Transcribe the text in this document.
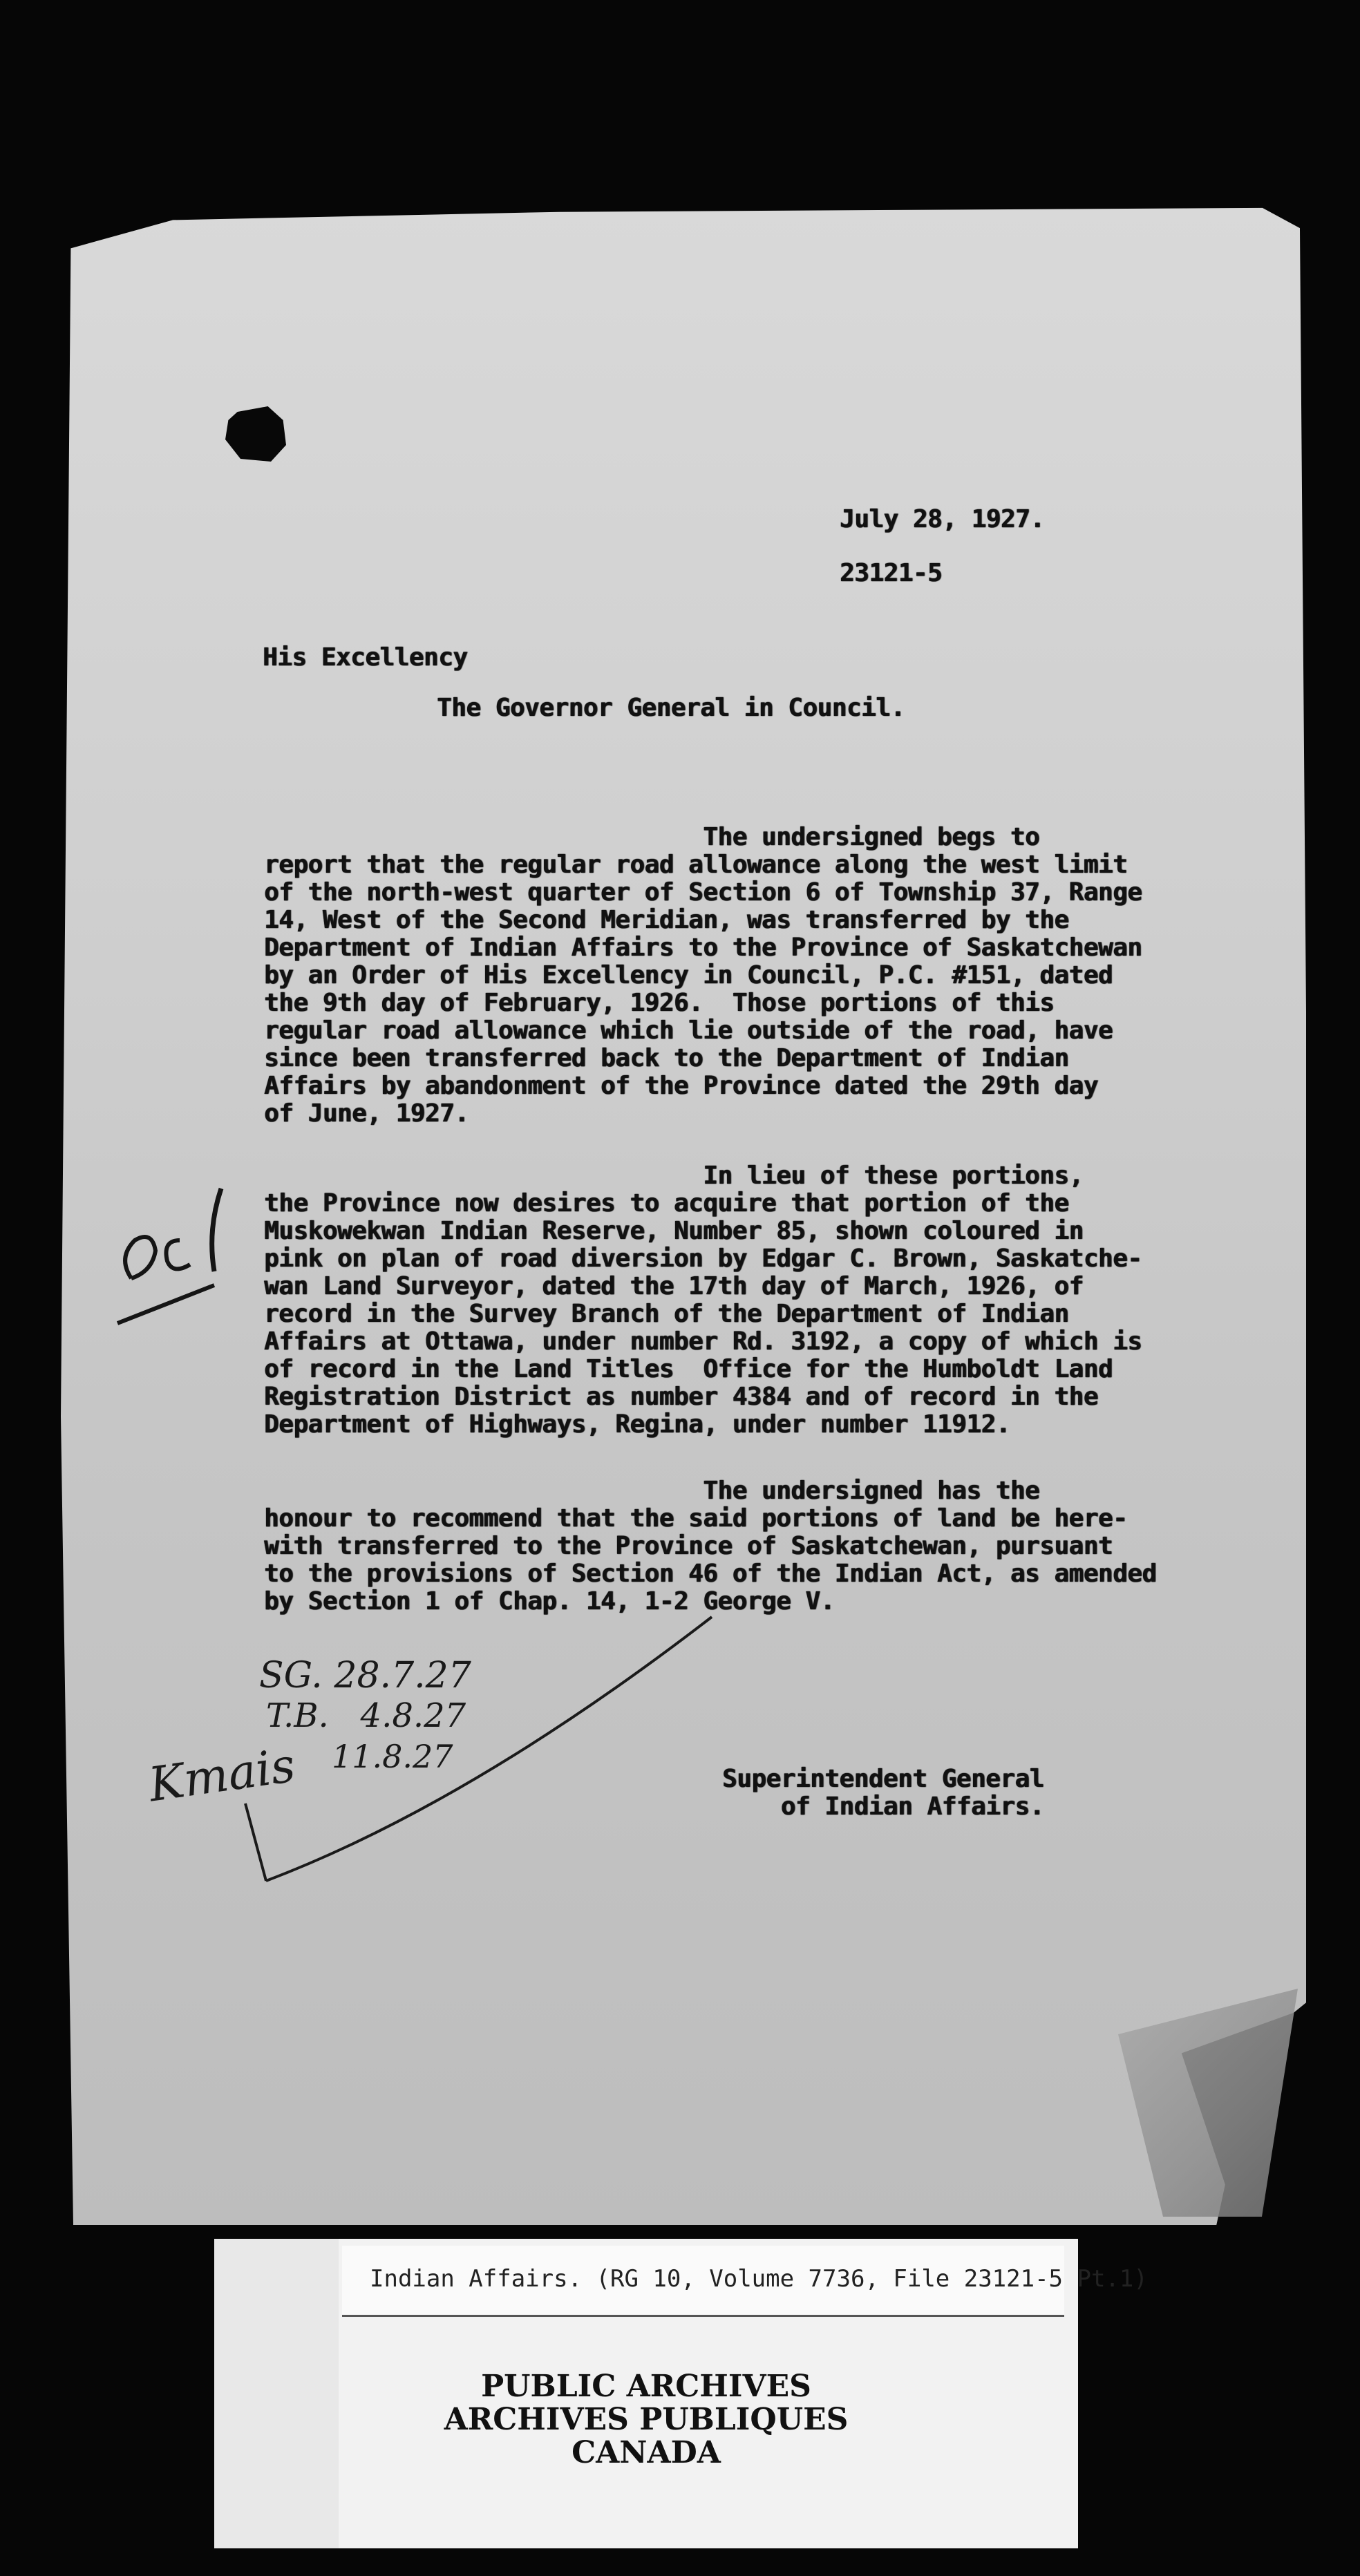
July 28, 1927.
23121-5
His Excellency
The Governor General in Council.
The undersigned begs to
report that the regular road allowance along the west limit
of the north-west quarter of Section 6 of Township 37, Range
14, West of the Second Meridian, was transferred by the
Department of Indian Affairs to the Province of Saskatchewan
by an Order of His Excellency in Council, P.C. #151, dated
the 9th day of February, 1926.  Those portions of this
regular road allowance which lie outside of the road, have
since been transferred back to the Department of Indian
Affairs by abandonment of the Province dated the 29th day
of June, 1927.
In lieu of these portions,
the Province now desires to acquire that portion of the
Muskowekwan Indian Reserve, Number 85, shown coloured in
pink on plan of road diversion by Edgar C. Brown, Saskatche-
wan Land Surveyor, dated the 17th day of March, 1926, of
record in the Survey Branch of the Department of Indian
Affairs at Ottawa, under number Rd. 3192, a copy of which is
of record in the Land Titles  Office for the Humboldt Land
Registration District as number 4384 and of record in the
Department of Highways, Regina, under number 11912.
The undersigned has the
honour to recommend that the said portions of land be here-
with transferred to the Province of Saskatchewan, pursuant
to the provisions of Section 46 of the Indian Act, as amended
by Section 1 of Chap. 14, 1-2 George V.
Superintendent General
of Indian Affairs.
SG. 28.7.27
T.B.   4.8.27
11.8.27
Kmais
Indian Affairs. (RG 10, Volume 7736, File 23121-5 Pt.1)
PUBLIC ARCHIVES
ARCHIVES PUBLIQUES
CANADA
